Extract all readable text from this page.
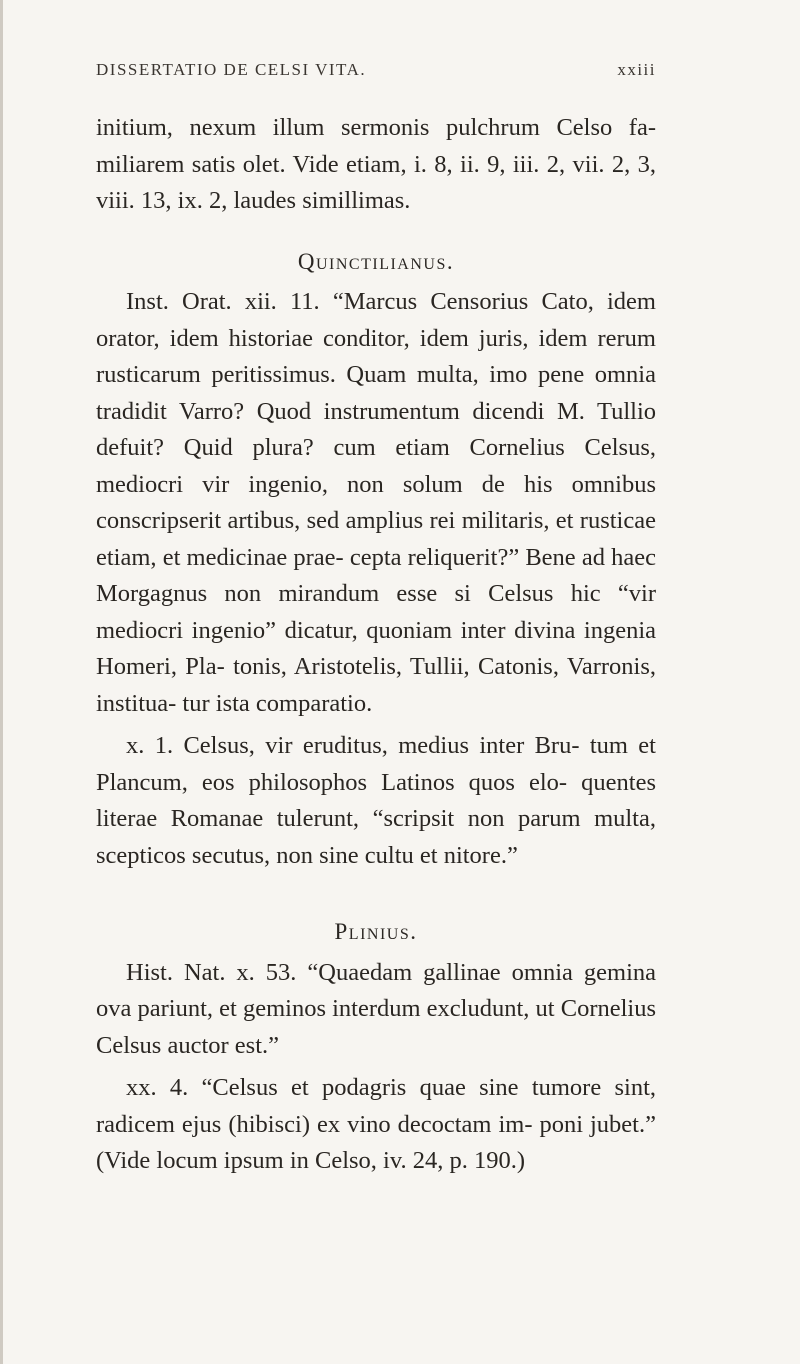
DISSERTATIO DE CELSI VITA.	xxiii

initium, nexum illum sermonis pulchrum Celso fa- miliarem satis olet. Vide etiam, i. 8, ii. 9, iii. 2, vii. 2, 3, viii. 13, ix. 2, laudes simillimas.

Quinctilianus.

Inst. Orat. xii. 11. “Marcus Censorius Cato, idem orator, idem historiae conditor, idem juris, idem rerum rusticarum peritissimus. Quam multa, imo pene omnia tradidit Varro? Quod instrumentum dicendi M. Tullio defuit? Quid plura? cum etiam Cornelius Celsus, mediocri vir ingenio, non solum de his omnibus conscripserit artibus, sed amplius rei militaris, et rusticae etiam, et medicinae prae- cepta reliquerit?” Bene ad haec Morgagnus non mirandum esse si Celsus hic “vir mediocri ingenio” dicatur, quoniam inter divina ingenia Homeri, Pla- tonis, Aristotelis, Tullii, Catonis, Varronis, institua- tur ista comparatio.

x. 1. Celsus, vir eruditus, medius inter Bru- tum et Plancum, eos philosophos Latinos quos elo- quentes literae Romanae tulerunt, “scripsit non parum multa, scepticos secutus, non sine cultu et nitore.”

Plinius.

Hist. Nat. x. 53. “Quaedam gallinae omnia gemina ova pariunt, et geminos interdum excludunt, ut Cornelius Celsus auctor est.”

xx. 4. “Celsus et podagris quae sine tumore sint, radicem ejus (hibisci) ex vino decoctam im- poni jubet.” (Vide locum ipsum in Celso, iv. 24, p. 190.)
